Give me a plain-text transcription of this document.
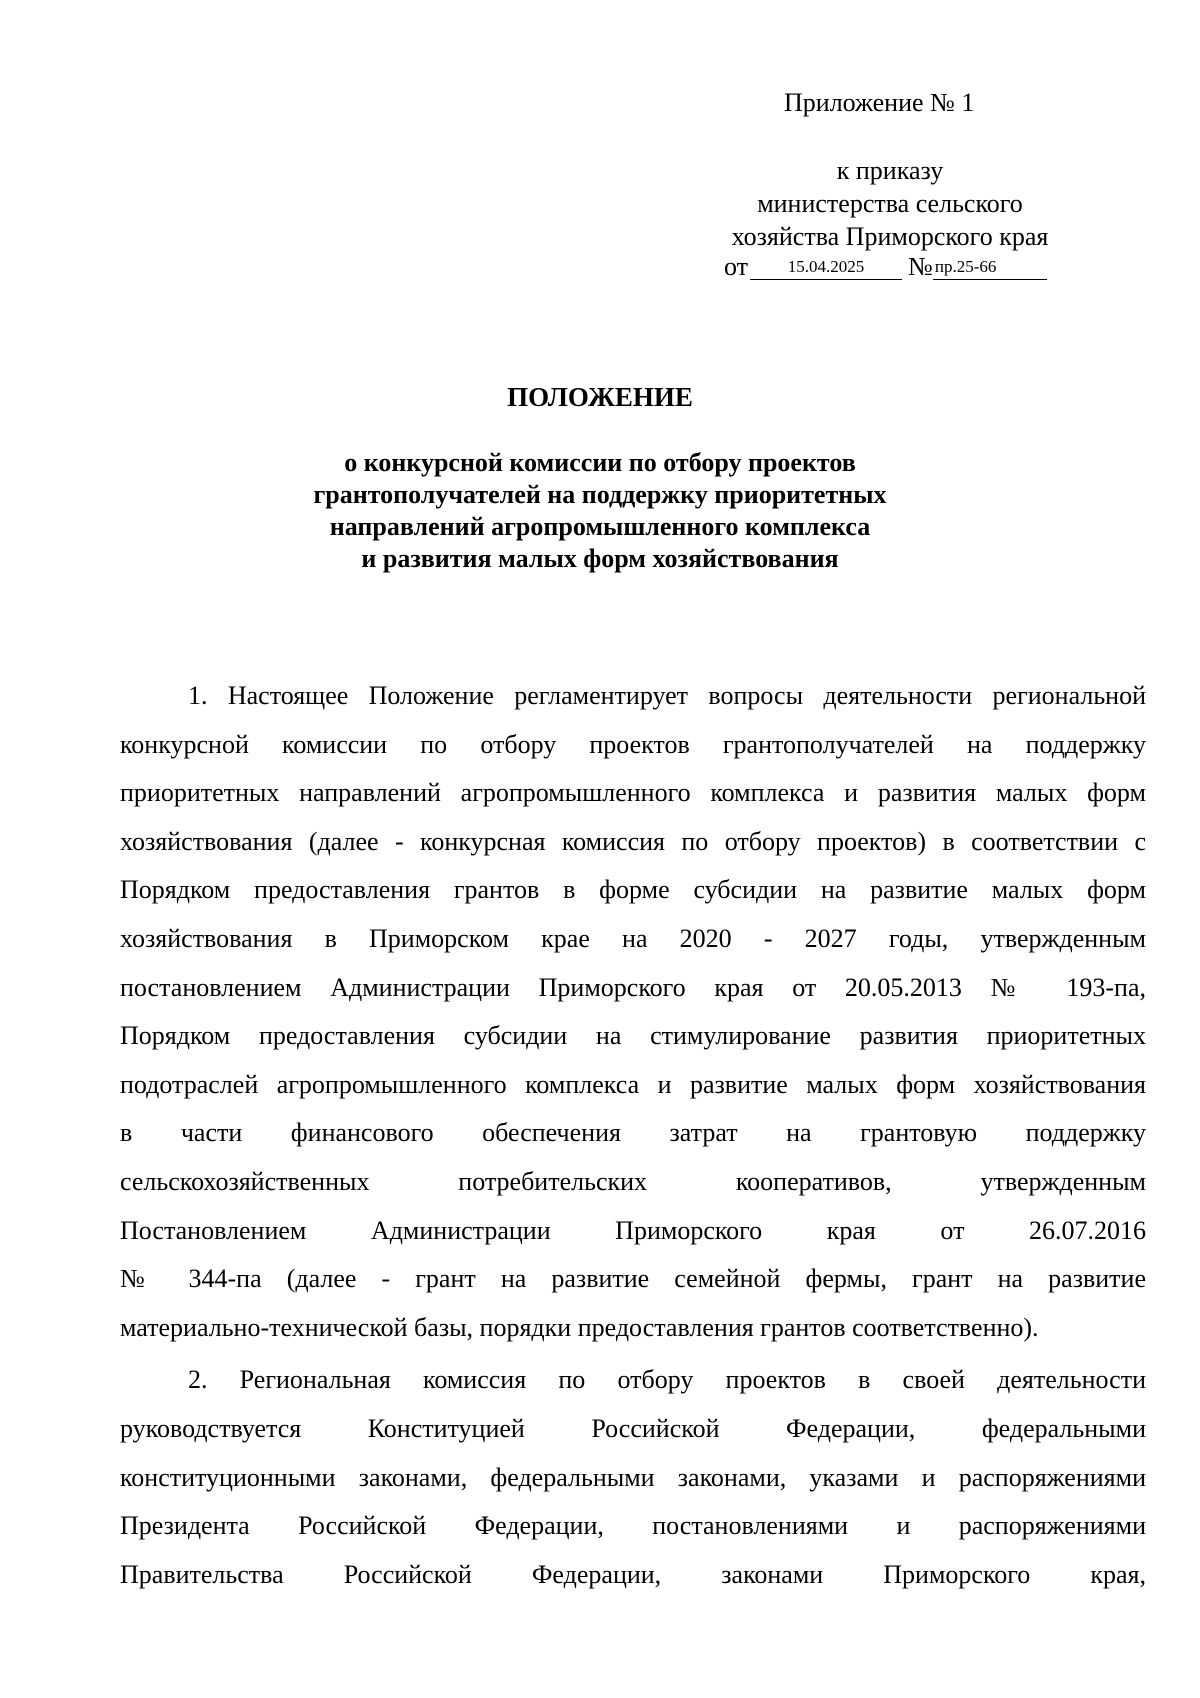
Приложение № 1
к приказу
министерства сельского
хозяйства Приморского края
от	15.04.2025	№ пр.25-66
ПОЛОЖЕНИЕ
о конкурсной комиссии по отбору проектов
грантополучателей на поддержку приоритетных
направлений агропромышленного комплекса
и развития малых форм хозяйствования
1. Настоящее Положение регламентирует вопросы деятельности региональной
конкурсной комиссии по отбору проектов грантополучателей на поддержку
приоритетных направлений агропромышленного комплекса и развития малых форм
хозяйствования (далее - конкурсная комиссия по отбору проектов) в соответствии с
Порядком предоставления грантов в форме субсидии на развитие малых форм
хозяйствования в Приморском крае на 2020 - 2027 годы, утвержденным
постановлением Администрации Приморского края от 20.05.2013 № 193-па,
Порядком предоставления субсидии на стимулирование развития приоритетных
подотраслей агропромышленного комплекса и развитие малых форм хозяйствования
в части финансового обеспечения затрат на грантовую поддержку
сельскохозяйственных потребительских кооперативов, утвержденным
Постановлением Администрации Приморского края от 26.07.2016
№ 344-па (далее - грант на развитие семейной фермы, грант на развитие
материально-технической базы, порядки предоставления грантов соответственно).
2. Региональная комиссия по отбору проектов в своей деятельности
руководствуется Конституцией Российской Федерации, федеральными
конституционными законами, федеральными законами, указами и распоряжениями
Президента Российской Федерации, постановлениями и распоряжениями
Правительства Российской Федерации, законами Приморского края,
